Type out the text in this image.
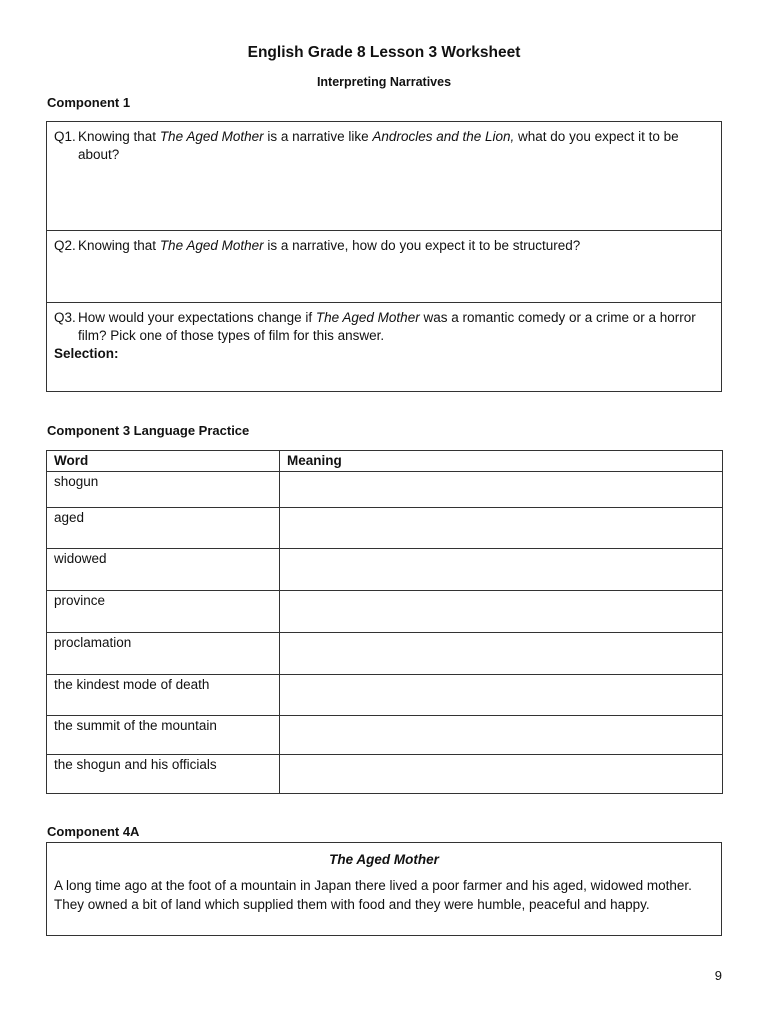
English Grade 8 Lesson 3 Worksheet
Interpreting Narratives
Component 1
Q1. Knowing that The Aged Mother is a narrative like Androcles and the Lion, what do you expect it to be about?
Q2. Knowing that The Aged Mother is a narrative, how do you expect it to be structured?
Q3. How would your expectations change if The Aged Mother was a romantic comedy or a crime or a horror film? Pick one of those types of film for this answer.
Selection:
Component 3 Language Practice
Word	Meaning
shogun	
aged	
widowed	
province	
proclamation	
the kindest mode of death	
the summit of the mountain	
the shogun and his officials	
Component 4A
The Aged Mother
A long time ago at the foot of a mountain in Japan there lived a poor farmer and his aged, widowed mother. They owned a bit of land which supplied them with food and they were humble, peaceful and happy.
9
